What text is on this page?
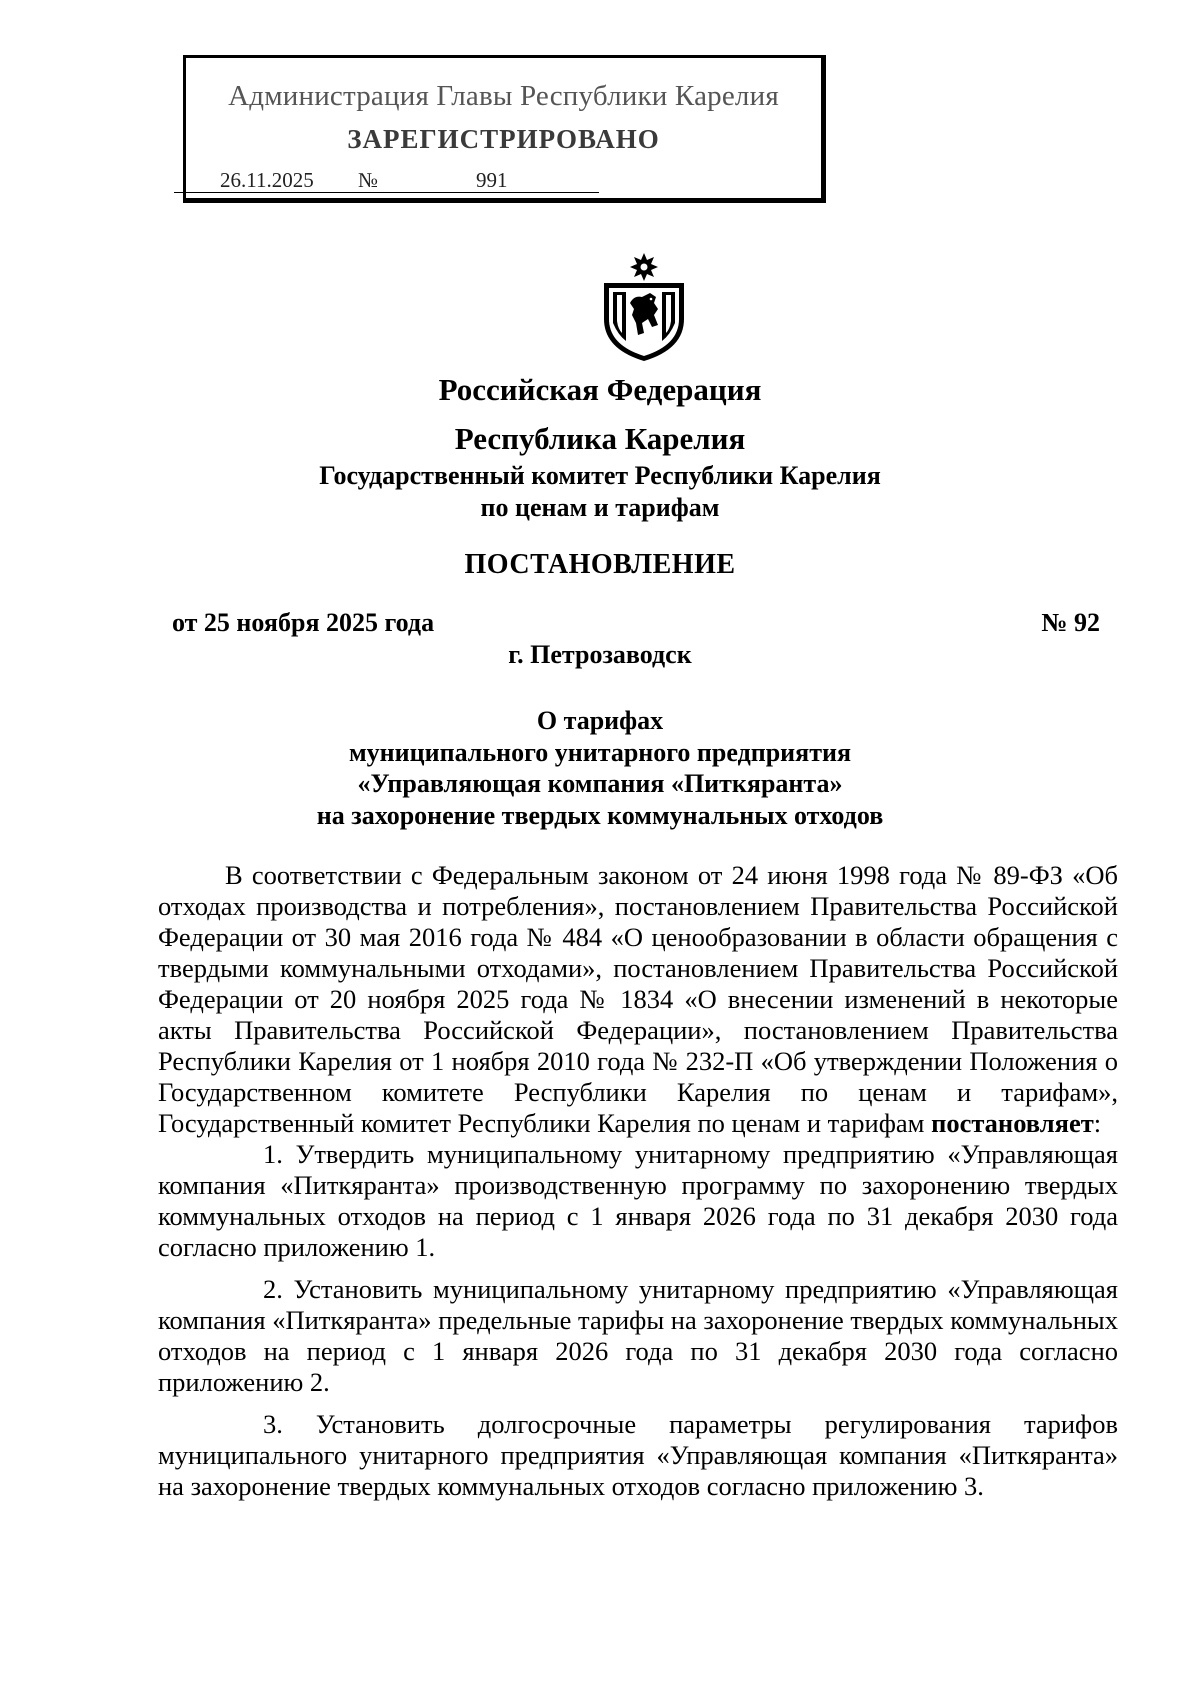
Администрация Главы Республики Карелия
ЗАРЕГИСТРИРОВАНО
26.11.2025 №	991
Российская Федерация
Республика Карелия
Государственный комитет Республики Карелия
по ценам и тарифам
ПОСТАНОВЛЕНИЕ
от 25 ноября 2025 года	№ 92
г. Петрозаводск
О тарифах
муниципального унитарного предприятия
«Управляющая компания «Питкяранта»
на захоронение твердых коммунальных отходов

В соответствии с Федеральным законом от 24 июня 1998 года № 89-ФЗ «Об отходах производства и потребления», постановлением Правительства Российской Федерации от 30 мая 2016 года № 484 «О ценообразовании в области обращения с твердыми коммунальными отходами», постановлением Правительства Российской Федерации от 20 ноября 2025 года № 1834 «О внесении изменений в некоторые акты Правительства Российской Федерации», постановлением Правительства Республики Карелия от 1 ноября 2010 года № 232-П «Об утверждении Положения о Государственном комитете Республики Карелия по ценам и тарифам», Государственный комитет Республики Карелия по ценам и тарифам постановляет:

1. Утвердить муниципальному унитарному предприятию «Управляющая компания «Питкяранта» производственную программу по захоронению твердых коммунальных отходов на период с 1 января 2026 года по 31 декабря 2030 года согласно приложению 1.

2. Установить муниципальному унитарному предприятию «Управляющая компания «Питкяранта» предельные тарифы на захоронение твердых коммунальных отходов на период с 1 января 2026 года по 31 декабря 2030 года согласно приложению 2.

3. Установить долгосрочные параметры регулирования тарифов муниципального унитарного предприятия «Управляющая компания «Питкяранта» на захоронение твердых коммунальных отходов согласно приложению 3.
